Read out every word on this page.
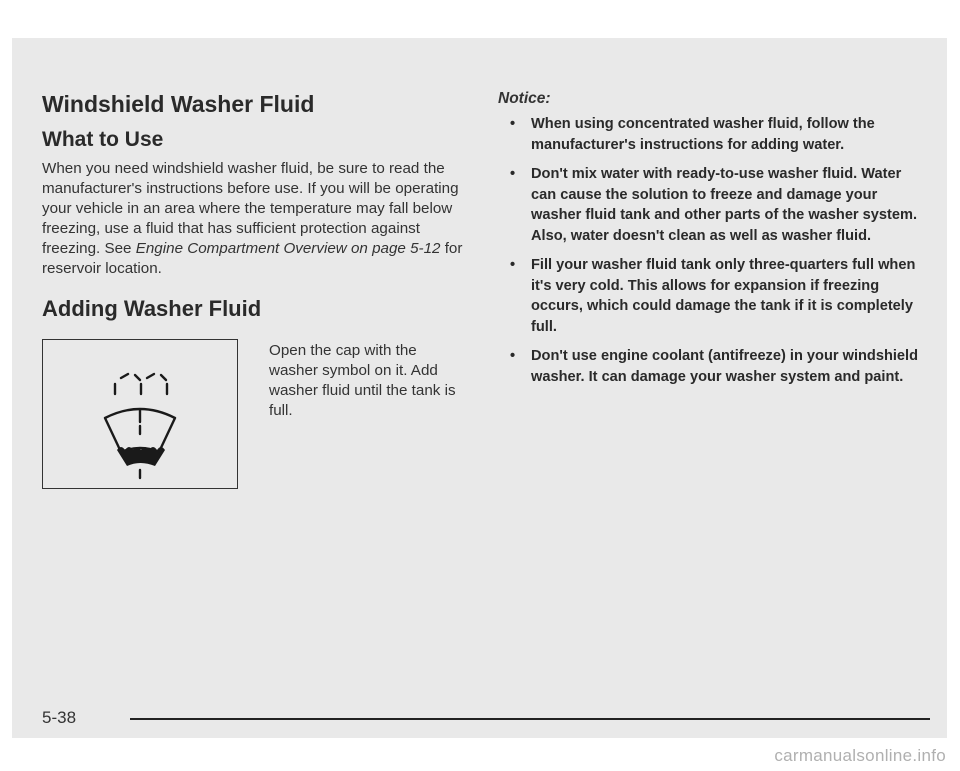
Windshield Washer Fluid
What to Use

When you need windshield washer fluid, be sure to read the manufacturer's instructions before use. If you will be operating your vehicle in an area where the temperature may fall below freezing, use a fluid that has sufficient protection against freezing. See Engine Compartment Overview on page 5-12 for reservoir location.

Adding Washer Fluid

Open the cap with the washer symbol on it. Add washer fluid until the tank is full.

Notice:

• When using concentrated washer fluid, follow the manufacturer's instructions for adding water.
• Don't mix water with ready-to-use washer fluid. Water can cause the solution to freeze and damage your washer fluid tank and other parts of the washer system. Also, water doesn't clean as well as washer fluid.
• Fill your washer fluid tank only three-quarters full when it's very cold. This allows for expansion if freezing occurs, which could damage the tank if it is completely full.
• Don't use engine coolant (antifreeze) in your windshield washer. It can damage your washer system and paint.
5-38
carmanualsonline.info
